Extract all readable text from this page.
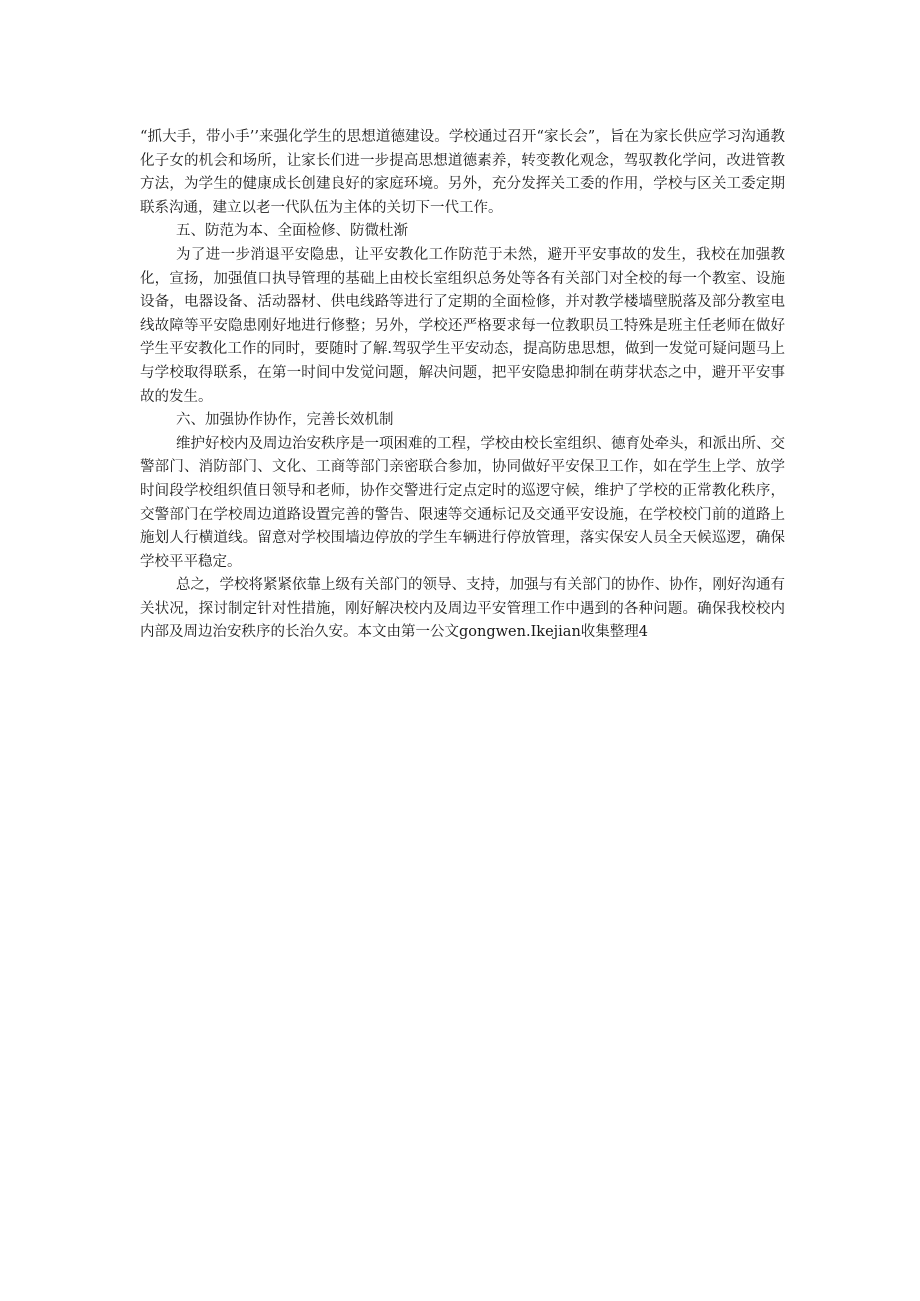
“抓大手，带小手’’来强化学生的思想道德建设。学校通过召开“家长会”，旨在为家长供应学习沟通教化子女的机会和场所，让家长们进一步提高思想道德素养，转变教化观念，驾驭教化学问，改进管教方法，为学生的健康成长创建良好的家庭环境。另外，充分发挥关工委的作用，学校与区关工委定期联系沟通，建立以老一代队伍为主体的关切下一代工作。

五、防范为本、全面检修、防微杜渐

为了进一步消退平安隐患，让平安教化工作防范于未然，避开平安事故的发生，我校在加强教化，宣扬，加强值口执导管理的基础上由校长室组织总务处等各有关部门对全校的每一个教室、设施设备，电器设备、活动器材、供电线路等进行了定期的全面检修，并对教学楼墙壁脱落及部分教室电线故障等平安隐患刚好地进行修整；另外，学校还严格要求每一位教职员工特殊是班主任老师在做好学生平安教化工作的同时，要随时了解.驾驭学生平安动态，提高防患思想，做到一发觉可疑问题马上与学校取得联系，在第一时间中发觉问题，解决问题，把平安隐患抑制在萌芽状态之中，避开平安事故的发生。

六、加强协作协作，完善长效机制

维护好校内及周边治安秩序是一项困难的工程，学校由校长室组织、德育处牵头，和派出所、交警部门、消防部门、文化、工商等部门亲密联合参加，协同做好平安保卫工作，如在学生上学、放学时间段学校组织值日领导和老师，协作交警进行定点定时的巡逻守候，维护了学校的正常教化秩序，交警部门在学校周边道路设置完善的警告、限速等交通标记及交通平安设施，在学校校门前的道路上施划人行横道线。留意对学校围墙边停放的学生车辆进行停放管理，落实保安人员全天候巡逻，确保学校平平稳定。

总之，学校将紧紧依靠上级有关部门的领导、支持，加强与有关部门的协作、协作，刚好沟通有关状况，探讨制定针对性措施，刚好解决校内及周边平安管理工作中遇到的各种问题。确保我校校内内部及周边治安秩序的长治久安。本文由第一公文gongwen.Ikejian收集整理4
